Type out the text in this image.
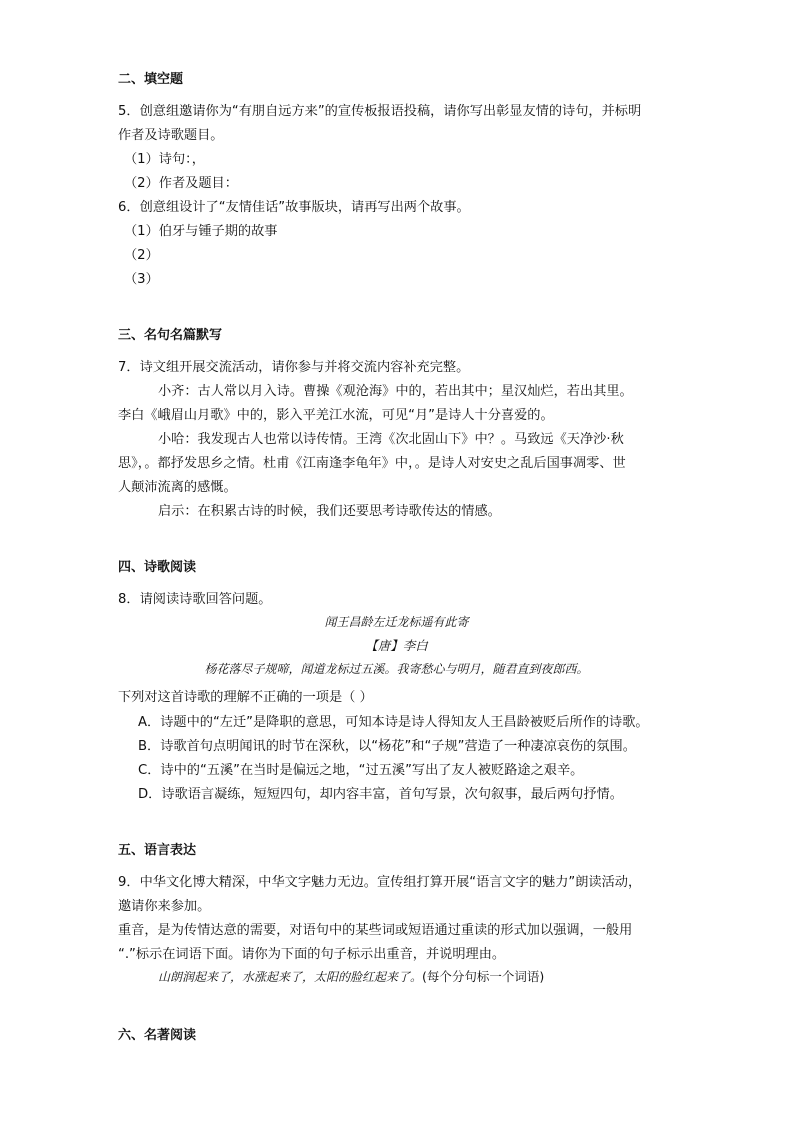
二、填空题
5．创意组邀请你为“有朋自远方来”的宣传板报语投稿，请你写出彰显友情的诗句，并标明
作者及诗歌题目。
（1）诗句：，
（2）作者及题目：
6．创意组设计了“友情佳话”故事版块，请再写出两个故事。
（1）伯牙与锺子期的故事
（2）
（3）
三、名句名篇默写
7．诗文组开展交流活动，请你参与并将交流内容补充完整。
小齐：古人常以月入诗。曹操《观沧海》中的，若出其中；星汉灿烂，若出其里。
李白《峨眉山月歌》中的，影入平羌江水流，可见“月”是诗人十分喜爱的。
小哈：我发现古人也常以诗传情。王湾《次北固山下》中？。马致远《天净沙·秋
思》，。都抒发思乡之情。杜甫《江南逢李龟年》中，。是诗人对安史之乱后国事凋零、世
人颠沛流离的感慨。
启示：在积累古诗的时候，我们还要思考诗歌传达的情感。
四、诗歌阅读
8．请阅读诗歌回答问题。
闻王昌龄左迁龙标遥有此寄
【唐】李白
杨花落尽子规啼，闻道龙标过五溪。我寄愁心与明月，随君直到夜郎西。
下列对这首诗歌的理解不正确的一项是（ ）
A．诗题中的“左迁”是降职的意思，可知本诗是诗人得知友人王昌龄被贬后所作的诗歌。
B．诗歌首句点明闻讯的时节在深秋，以“杨花”和“子规”营造了一种凄凉哀伤的氛围。
C．诗中的“五溪”在当时是偏远之地，“过五溪”写出了友人被贬路途之艰辛。
D．诗歌语言凝练，短短四句，却内容丰富，首句写景，次句叙事，最后两句抒情。
五、语言表达
9．中华文化博大精深，中华文字魅力无边。宣传组打算开展“语言文字的魅力”朗读活动，
邀请你来参加。
重音，是为传情达意的需要，对语句中的某些词或短语通过重读的形式加以强调，一般用
“.”标示在词语下面。请你为下面的句子标示出重音，并说明理由。
山朗润起来了，水涨起来了，太阳的脸红起来了。(每个分句标一个词语)
六、名著阅读
